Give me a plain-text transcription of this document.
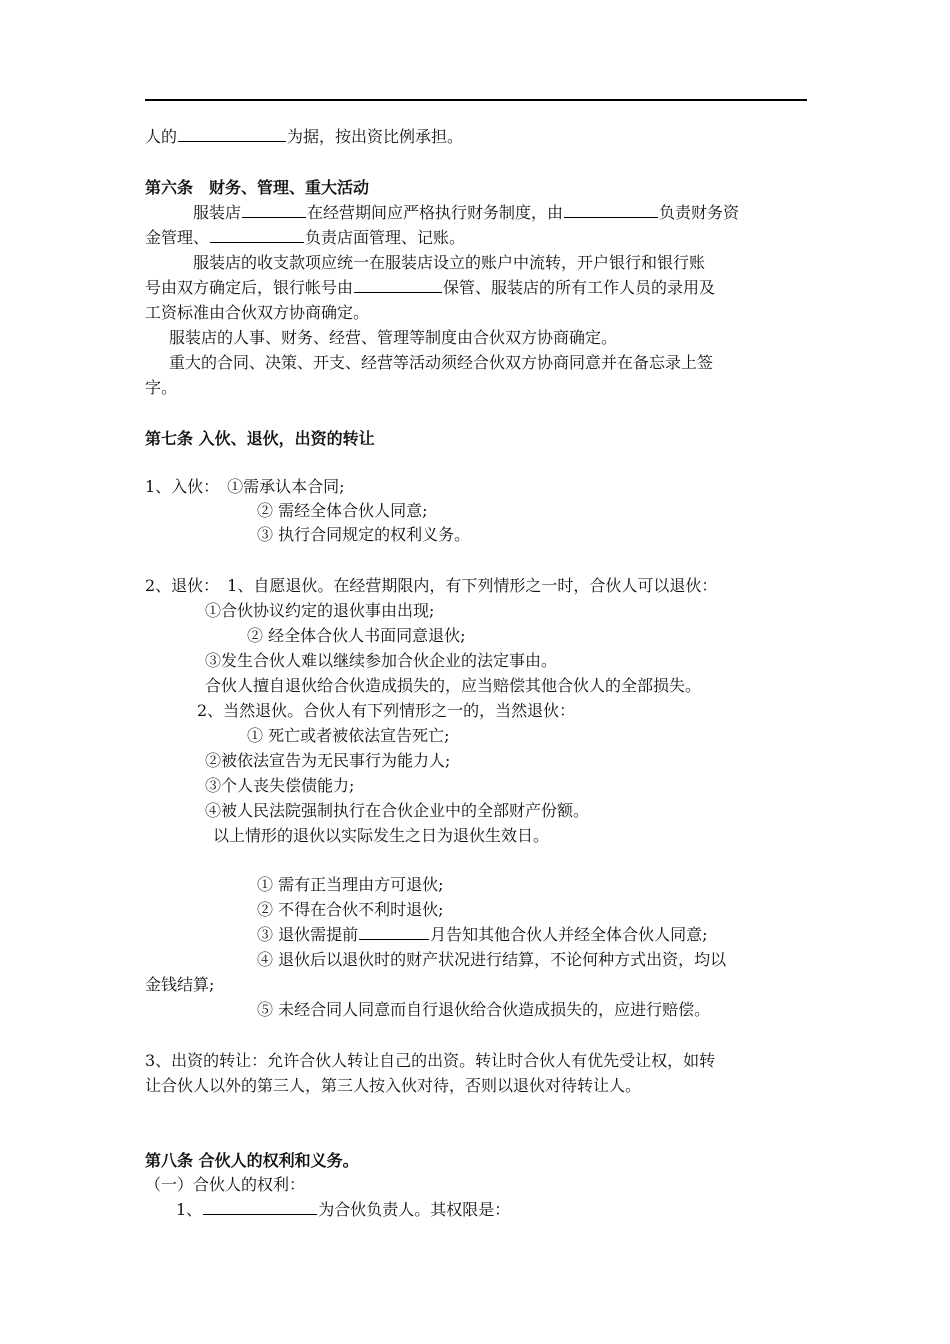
人的	为据，按出资比例承担。
第六条　财务、管理、重大活动
服装店	在经营期间应严格执行财务制度，由	负责财务资
金管理、	负责店面管理、记账。
服装店的收支款项应统一在服装店设立的账户中流转，开户银行和银行账
号由双方确定后，银行帐号由	保管、服装店的所有工作人员的录用及
工资标准由合伙双方协商确定。
服装店的人事、财务、经营、管理等制度由合伙双方协商确定。
重大的合同、决策、开支、经营等活动须经合伙双方协商同意并在备忘录上签
字。
第七条 入伙、退伙，出资的转让
1、入伙：　①需承认本合同;
② 需经全体合伙人同意;
③ 执行合同规定的权利义务。
2、退伙：　1、自愿退伙。在经营期限内，有下列情形之一时，合伙人可以退伙：
①合伙协议约定的退伙事由出现;
② 经全体合伙人书面同意退伙;
③发生合伙人难以继续参加合伙企业的法定事由。
合伙人擅自退伙给合伙造成损失的，应当赔偿其他合伙人的全部损失。
2、当然退伙。合伙人有下列情形之一的，当然退伙：
① 死亡或者被依法宣告死亡;
②被依法宣告为无民事行为能力人;
③个人丧失偿债能力;
④被人民法院强制执行在合伙企业中的全部财产份额。
以上情形的退伙以实际发生之日为退伙生效日。
① 需有正当理由方可退伙;
② 不得在合伙不利时退伙;
③ 退伙需提前	月告知其他合伙人并经全体合伙人同意;
④ 退伙后以退伙时的财产状况进行结算，不论何种方式出资，均以
金钱结算;
⑤ 未经合同人同意而自行退伙给合伙造成损失的，应进行赔偿。
3、出资的转让：允许合伙人转让自己的出资。转让时合伙人有优先受让权，如转
让合伙人以外的第三人，第三人按入伙对待，否则以退伙对待转让人。
第八条 合伙人的权利和义务。
（一）合伙人的权利：
1、	为合伙负责人。其权限是：
